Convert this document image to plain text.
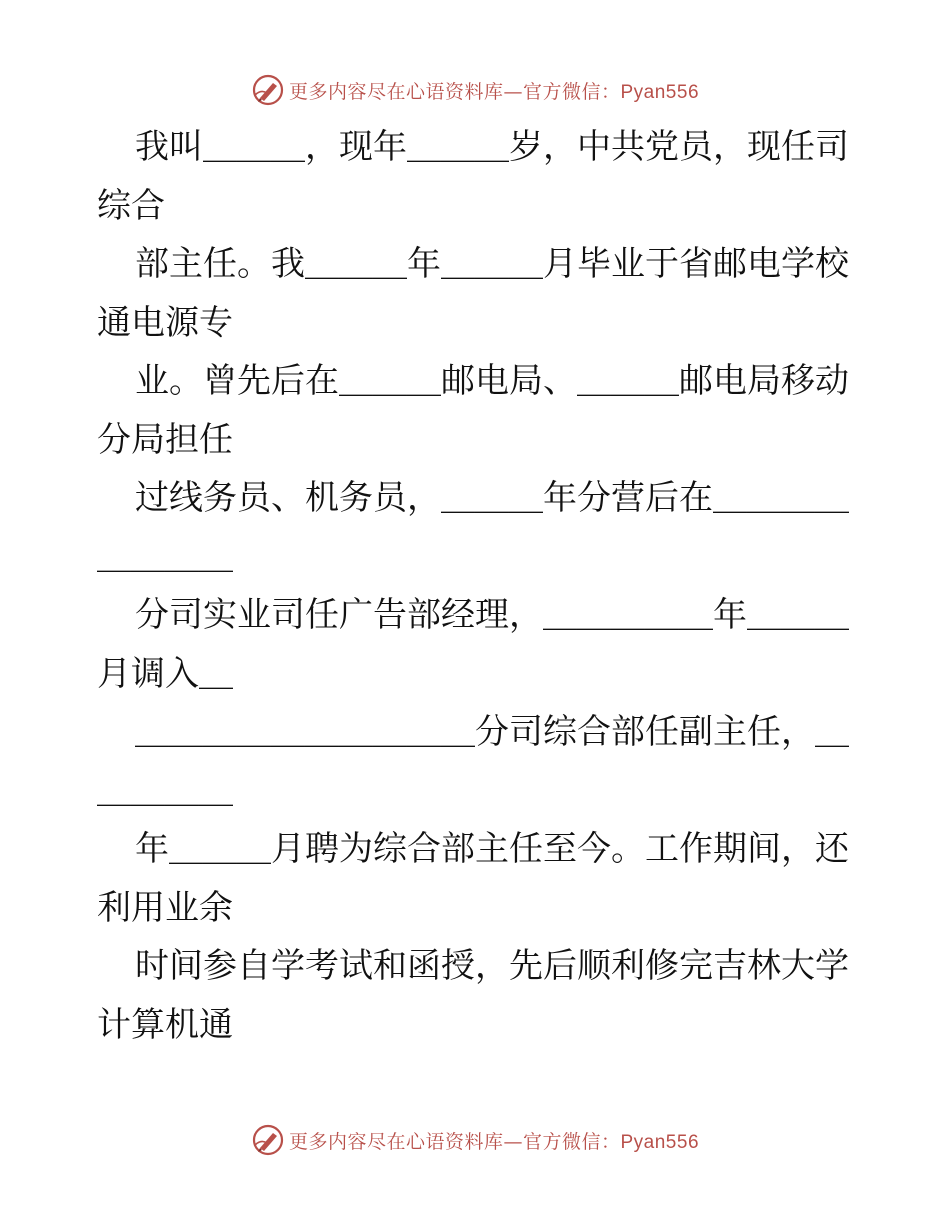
更多内容尽在心语资料库—官方微信：Pyan556
我叫＿＿＿，现年＿＿＿岁，中共党员，现任司
综合
部主任。我＿＿＿年＿＿＿月毕业于省邮电学校
通电源专
业。曾先后在＿＿＿邮电局、＿＿＿邮电局移动
分局担任
过线务员、机务员，＿＿＿年分营后在＿＿＿＿
＿＿＿＿
分司实业司任广告部经理，＿＿＿＿＿年＿＿＿
月调入＿
＿＿＿＿＿＿＿＿＿＿分司综合部任副主任，＿
＿＿＿＿
年＿＿＿月聘为综合部主任至今。工作期间，还
利用业余
时间参自学考试和函授，先后顺利修完吉林大学
计算机通
更多内容尽在心语资料库—官方微信：Pyan556
